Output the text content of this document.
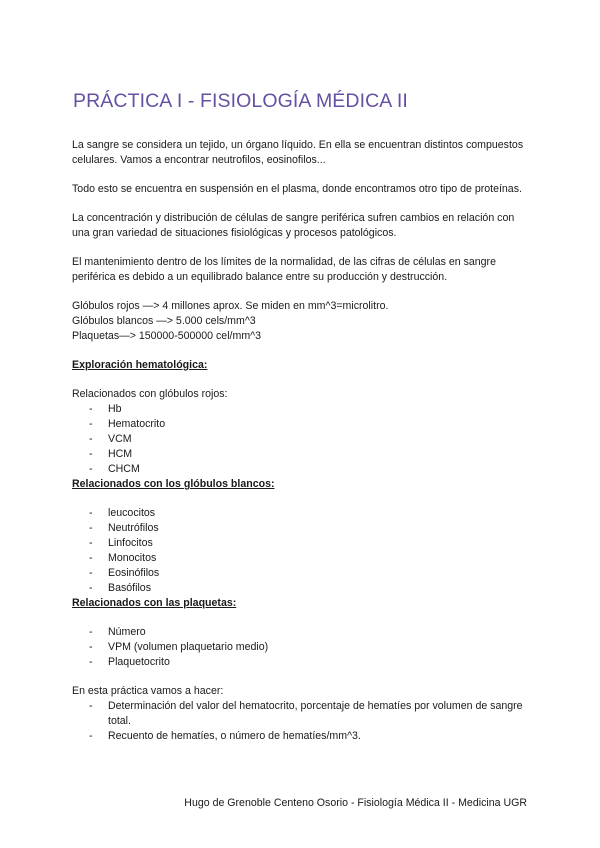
PRÁCTICA I - FISIOLOGÍA MÉDICA II

La sangre se considera un tejido, un órgano líquido. En ella se encuentran distintos compuestos celulares. Vamos a encontrar neutrofilos, eosinofilos...

Todo esto se encuentra en suspensión en el plasma, donde encontramos otro tipo de proteínas.

La concentración y distribución de células de sangre periférica sufren cambios en relación con una gran variedad de situaciones fisiológicas y procesos patológicos.

El mantenimiento dentro de los límites de la normalidad, de las cifras de células en sangre periférica es debido a un equilibrado balance entre su producción y destrucción.

Glóbulos rojos —> 4 millones aprox. Se miden en mm^3=microlitro.

Glóbulos blancos —> 5.000 cels/mm^3

Plaquetas—> 150000-500000 cel/mm^3

Exploración hematológica:

Relacionados con glóbulos rojos:

- Hb
- Hematocrito
- VCM
- HCM
- CHCM

Relacionados con los glóbulos blancos:

- leucocitos
- Neutrófilos
- Linfocitos
- Monocitos
- Eosinófilos
- Basófilos

Relacionados con las plaquetas:

- Número
- VPM (volumen plaquetario medio)
- Plaquetocrito

En esta práctica vamos a hacer:

- Determinación del valor del hematocrito, porcentaje de hematíes por volumen de sangre total.
- Recuento de hematíes, o número de hematíes/mm^3.
Hugo de Grenoble Centeno Osorio - Fisiología Médica II - Medicina UGR
